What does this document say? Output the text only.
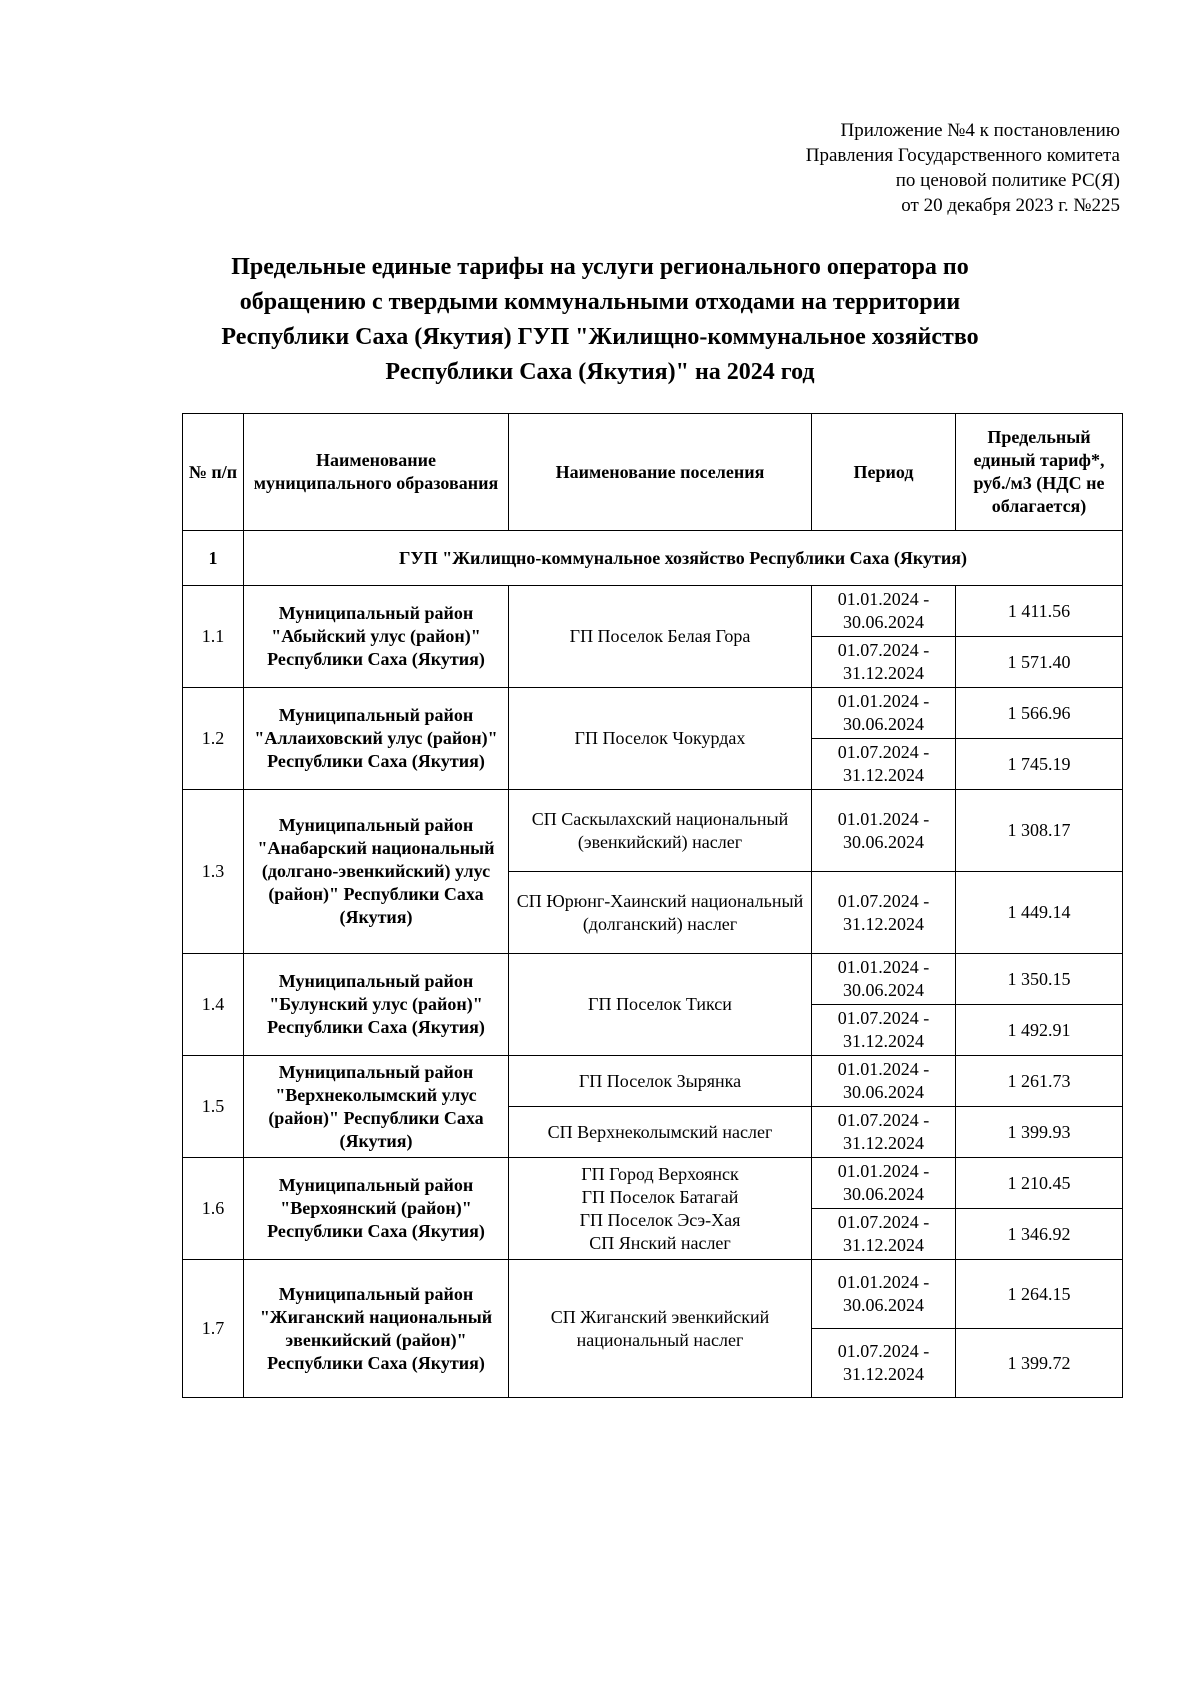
Приложение №4 к постановлению
Правления Государственного комитета
по ценовой политике РС(Я)
от 20 декабря 2023 г. №225
Предельные единые тарифы на услуги регионального оператора по
обращению с твердыми коммунальными отходами на территории
Республики Саха (Якутия) ГУП "Жилищно-коммунальное хозяйство
Республики Саха (Якутия)" на 2024 год
№ п/п	Наименование муниципального образования	Наименование поселения	Период	Предельный единый тариф*, руб./м3 (НДС не облагается)
1	ГУП "Жилищно-коммунальное хозяйство Республики Саха (Якутия)			
1.1	Муниципальный район "Абыйский улус (район)" Республики Саха (Якутия)	ГП Поселок Белая Гора	01.01.2024 - 30.06.2024	1 411.56
			01.07.2024 - 31.12.2024	1 571.40
1.2	Муниципальный район "Аллаиховский улус (район)" Республики Саха (Якутия)	ГП Поселок Чокурдах	01.01.2024 - 30.06.2024	1 566.96
			01.07.2024 - 31.12.2024	1 745.19
1.3	Муниципальный район "Анабарский национальный (долгано-эвенкийский) улус (район)" Республики Саха (Якутия)	СП Саскылахский национальный (эвенкийский) наслег	01.01.2024 - 30.06.2024	1 308.17
		СП Юрюнг-Хаинский национальный (долганский) наслег	01.07.2024 - 31.12.2024	1 449.14
1.4	Муниципальный район "Булунский улус (район)" Республики Саха (Якутия)	ГП Поселок Тикси	01.01.2024 - 30.06.2024	1 350.15
			01.07.2024 - 31.12.2024	1 492.91
1.5	Муниципальный район "Верхнеколымский улус (район)" Республики Саха (Якутия)	ГП Поселок Зырянка	01.01.2024 - 30.06.2024	1 261.73
		СП Верхнеколымский наслег	01.07.2024 - 31.12.2024	1 399.93
1.6	Муниципальный район "Верхоянский (район)" Республики Саха (Якутия)	ГП Город Верхоянск
ГП Поселок Батагай
ГП Поселок Эсэ-Хая
СП Янский наслег	01.01.2024 - 30.06.2024	1 210.45
			01.07.2024 - 31.12.2024	1 346.92
1.7	Муниципальный район "Жиганский национальный эвенкийский (район)" Республики Саха (Якутия)	СП Жиганский эвенкийский национальный наслег	01.01.2024 - 30.06.2024	1 264.15
			01.07.2024 - 31.12.2024	1 399.72
